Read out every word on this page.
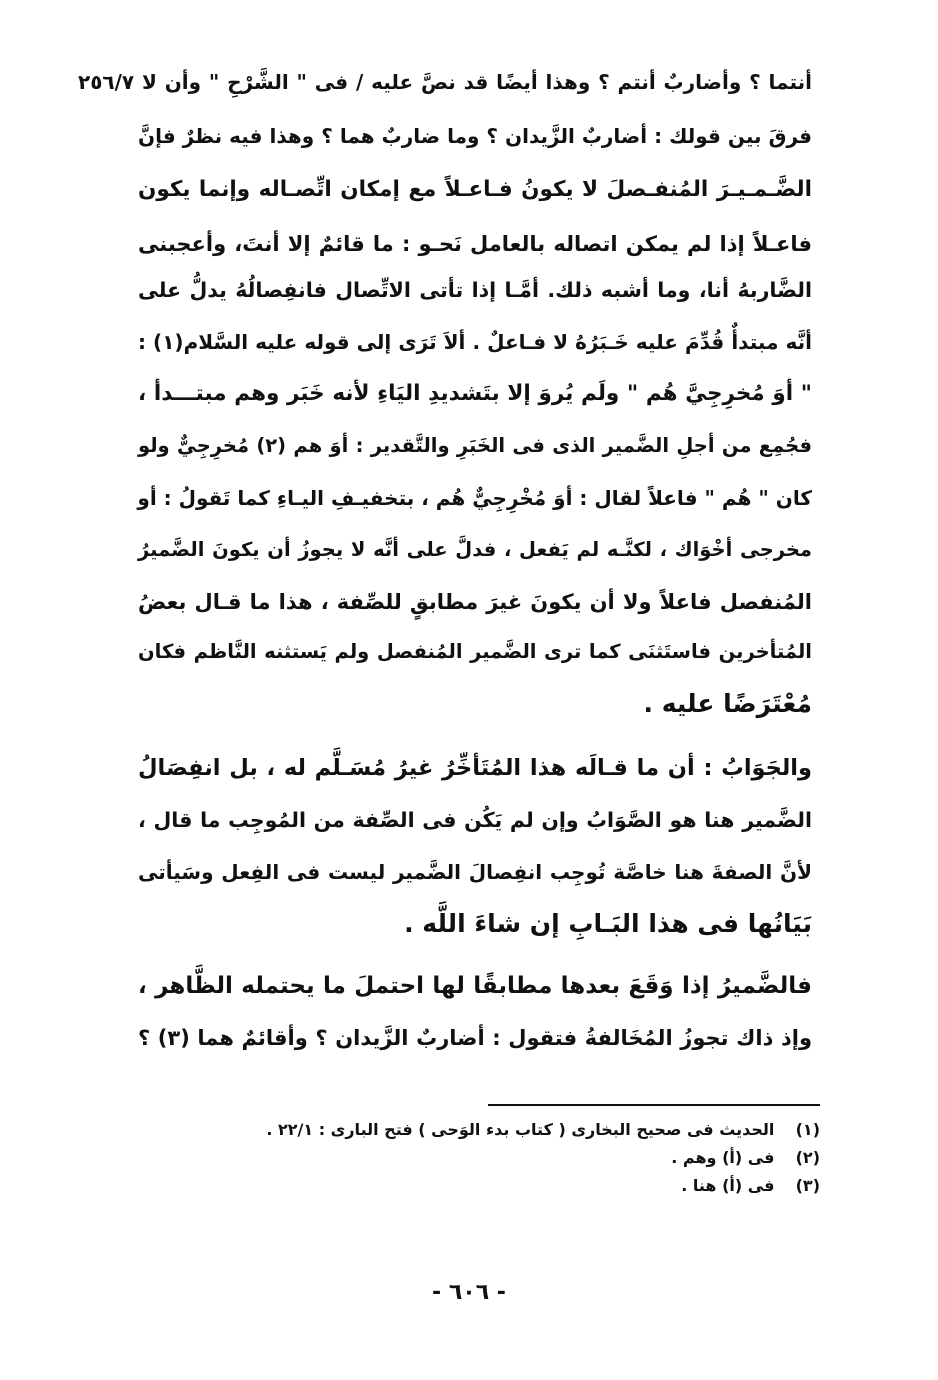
أنتما ؟ وأضاربٌ أنتم ؟ وهذا أيضًا قد نصَّ عليه / فى " الشَّرْحِ " وأن لا ٢٥٦/٧
فرقَ بين قولك : أضاربٌ الزَّيدان ؟ وما ضاربٌ هما ؟ وهذا فيه نظرٌ فإنَّ
الضَّـمـيـرَ المُنفـصلَ لا يكونُ فـاعـلاً مع إمكان اتِّصـاله وإنما يكون
فاعـلاً إذا لم يمكن اتصاله بالعامل نَحـو : ما قائمٌ إلا أنتَ، وأعجبنى
الضَّاربهُ أنا، وما أشبه ذلك. أمَّـا إذا تأتى الاتِّصال فانفِصالُهُ يدلُّ على
أنَّه مبتدأٌ قُدِّمَ عليه خَـبَرُهُ لا فـاعلٌ . ألاَ تَرَى إلى قوله عليه السَّلام(١) :
" أوَ مُخرِجِيَّ هُم " ولَم يُروَ إلا بتَشديدِ اليَاءِ لأنه خَبَر وهم مبتـــدأ ،
فجُمِع من أجلِ الضَّمير الذى فى الخَبَرِ والتَّقدير : أوَ هم (٢) مُخرِجِيٌّ ولو
كان " هُم " فاعلاً لقال : أوَ مُخْرِجِيٌّ هُم ، بتخفيـفِ اليـاءِ كما تَقولُ : أو
مخرجى أخْوَاك ، لكنَّـه لم يَفعل ، فدلَّ على أنَّه لا يجوزُ أن يكونَ الضَّميرُ
المُنفصل فاعلاً ولا أن يكونَ غيرَ مطابقٍ للصِّفة ، هذا ما قـال بعضُ
المُتأخرين فاستَثنَى كما ترى الضَّمير المُنفصل ولم يَستثنه النَّاظم فكان
مُعْتَرَضًا عليه .
والجَوَابُ : أن ما قـالَه هذا المُتَأخِّرُ غيرُ مُسَـلَّم له ، بل انفِصَالُ
الضَّمير هنا هو الصَّوَابُ وإن لم يَكُن فى الصِّفة من المُوجِب ما قال ،
لأنَّ الصفةَ هنا خاصَّة تُوجِب انفِصالَ الضَّمير ليست فى الفِعل وسَيأتى
بَيَانُها فى هذا البَـابِ إن شاءَ اللَّه .
فالضَّميرُ إذا وَقَعَ بعدها مطابقًا لها احتملَ ما يحتمله الظَّاهر ،
وإذ ذاك تجوزُ المُخَالفةُ فتقول : أضاربٌ الزَّيدان ؟ وأقائمٌ هما (٣) ؟
(١) الحديث فى صحيح البخارى ( كتاب بدء الوَحى ) فتح البارى : ٢٢/١ .
(٢) فى (أ) وهم .
(٣) فى (أ) هنا .
- ٦٠٦ -
